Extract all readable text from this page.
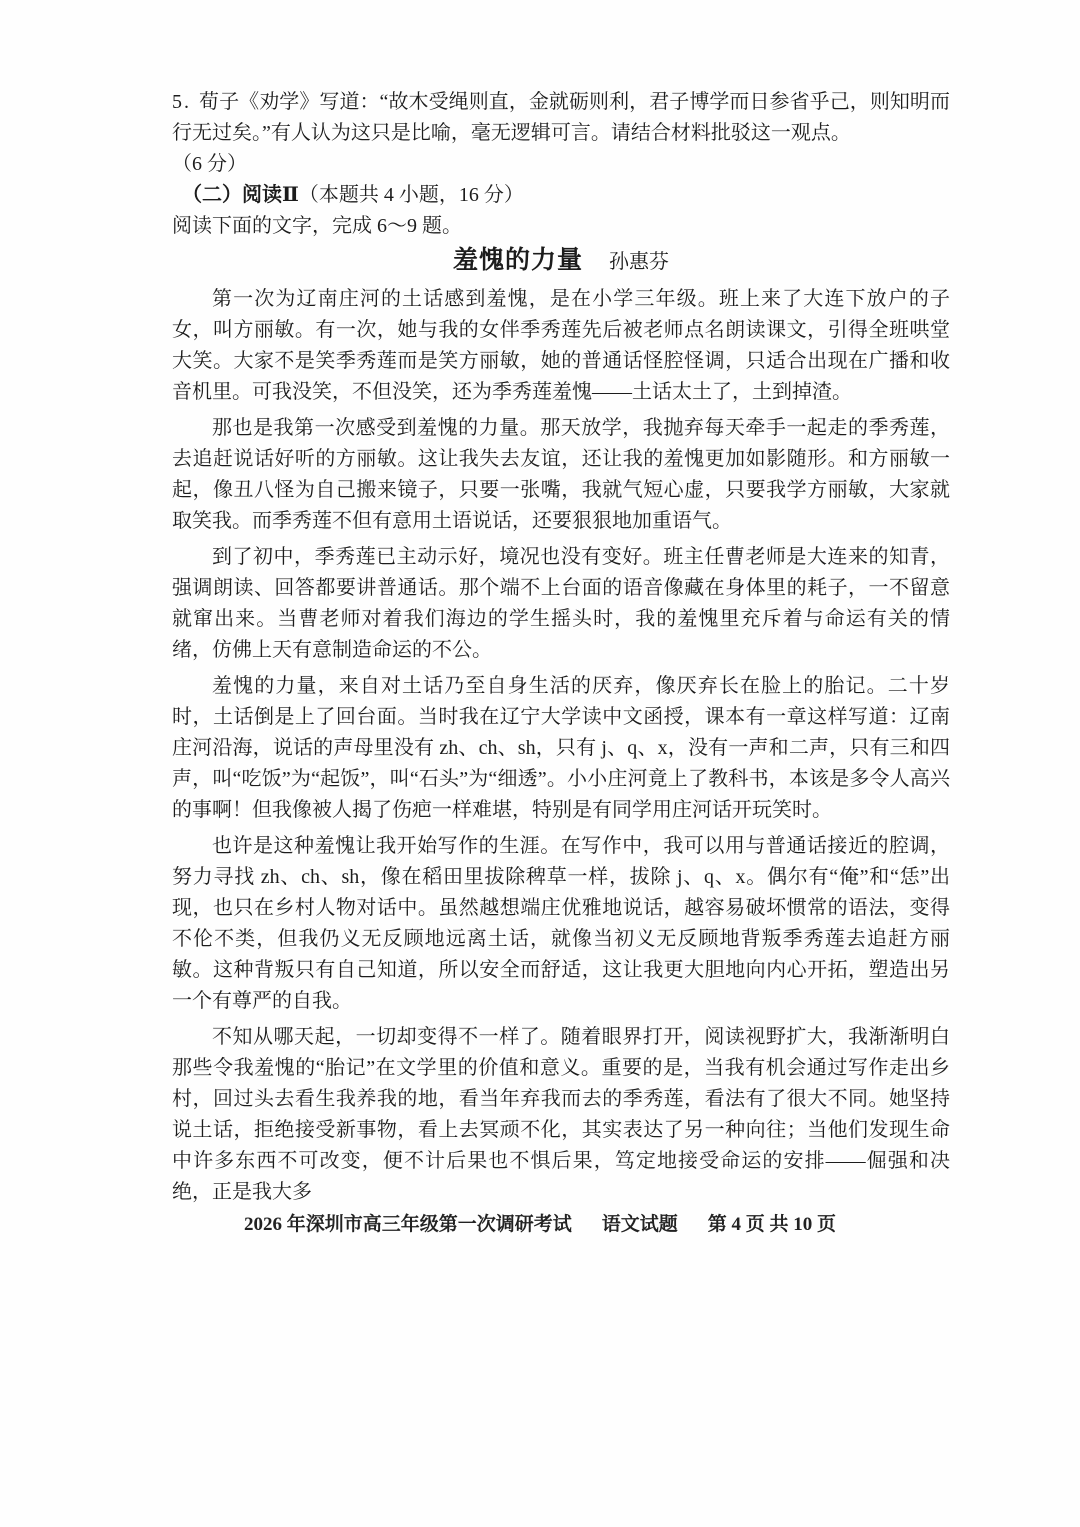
5. 荀子《劝学》写道：“故木受绳则直，金就砺则利，君子博学而日参省乎己，则知明而行无过矣。”有人认为这只是比喻，毫无逻辑可言。请结合材料批驳这一观点。

（6 分）

（二）阅读Ⅱ（本题共 4 小题，16 分）

阅读下面的文字，完成 6～9 题。

羞愧的力量 孙惠芬

第一次为辽南庄河的土话感到羞愧，是在小学三年级。班上来了大连下放户的子女，叫方丽敏。有一次，她与我的女伴季秀莲先后被老师点名朗读课文，引得全班哄堂大笑。大家不是笑季秀莲而是笑方丽敏，她的普通话怪腔怪调，只适合出现在广播和收音机里。可我没笑，不但没笑，还为季秀莲羞愧——土话太土了，土到掉渣。

那也是我第一次感受到羞愧的力量。那天放学，我抛弃每天牵手一起走的季秀莲，去追赶说话好听的方丽敏。这让我失去友谊，还让我的羞愧更加如影随形。和方丽敏一起，像丑八怪为自己搬来镜子，只要一张嘴，我就气短心虚，只要我学方丽敏，大家就取笑我。而季秀莲不但有意用土语说话，还要狠狠地加重语气。

到了初中，季秀莲已主动示好，境况也没有变好。班主任曹老师是大连来的知青，强调朗读、回答都要讲普通话。那个端不上台面的语音像藏在身体里的耗子，一不留意就窜出来。当曹老师对着我们海边的学生摇头时，我的羞愧里充斥着与命运有关的情绪，仿佛上天有意制造命运的不公。

羞愧的力量，来自对土话乃至自身生活的厌弃，像厌弃长在脸上的胎记。二十岁时，土话倒是上了回台面。当时我在辽宁大学读中文函授，课本有一章这样写道：辽南庄河沿海，说话的声母里没有 zh、ch、sh，只有 j、q、x，没有一声和二声，只有三和四声，叫“吃饭”为“起饭”，叫“石头”为“细透”。小小庄河竟上了教科书，本该是多令人高兴的事啊！但我像被人揭了伤疤一样难堪，特别是有同学用庄河话开玩笑时。

也许是这种羞愧让我开始写作的生涯。在写作中，我可以用与普通话接近的腔调，努力寻找 zh、ch、sh，像在稻田里拔除稗草一样，拔除 j、q、x。偶尔有“俺”和“恁”出现，也只在乡村人物对话中。虽然越想端庄优雅地说话，越容易破坏惯常的语法，变得不伦不类，但我仍义无反顾地远离土话，就像当初义无反顾地背叛季秀莲去追赶方丽敏。这种背叛只有自己知道，所以安全而舒适，这让我更大胆地向内心开拓，塑造出另一个有尊严的自我。

不知从哪天起，一切却变得不一样了。随着眼界打开，阅读视野扩大，我渐渐明白那些令我羞愧的“胎记”在文学里的价值和意义。重要的是，当我有机会通过写作走出乡村，回过头去看生我养我的地，看当年弃我而去的季秀莲，看法有了很大不同。她坚持说土话，拒绝接受新事物，看上去冥顽不化，其实表达了另一种向往；当他们发现生命中许多东西不可改变，便不计后果也不惧后果，笃定地接受命运的安排——倔强和决绝，正是我大多

2026 年深圳市高三年级第一次调研考试 语文试题 第 4 页 共 10 页
